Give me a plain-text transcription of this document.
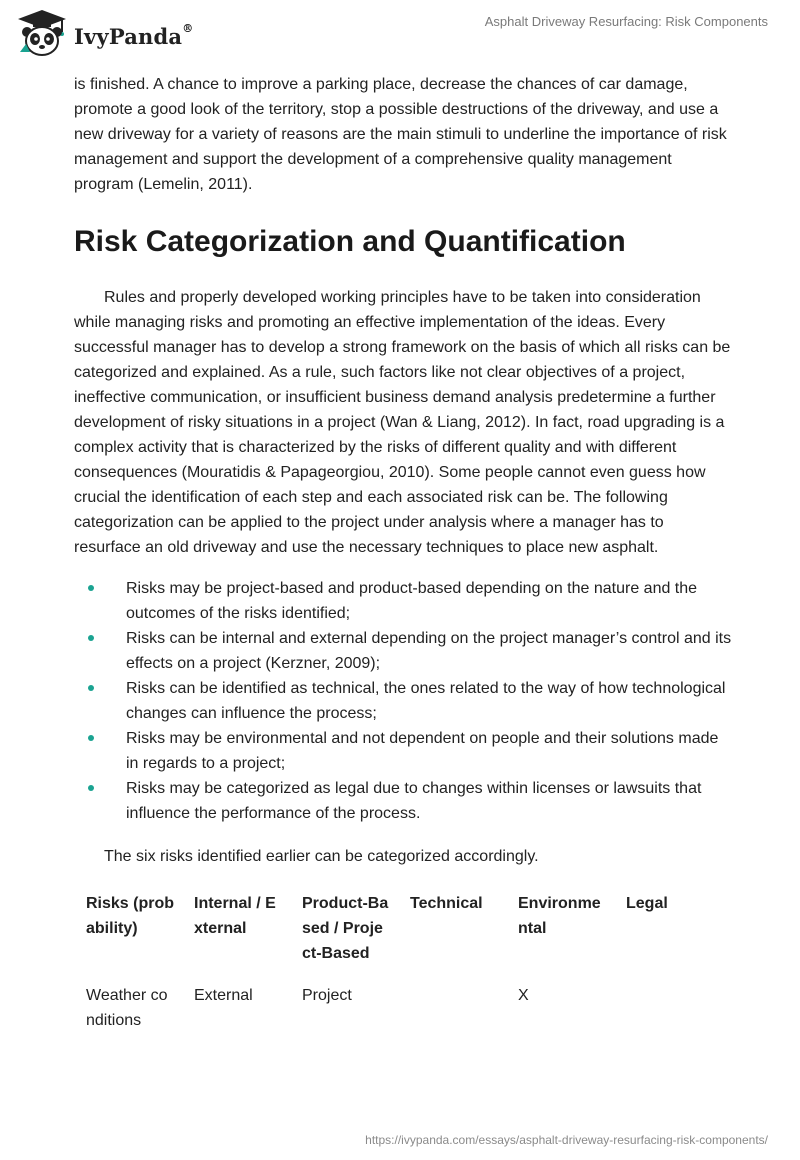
IvyPanda®	Asphalt Driveway Resurfacing: Risk Components

is finished. A chance to improve a parking place, decrease the chances of car damage, promote a good look of the territory, stop a possible destructions of the driveway, and use a new driveway for a variety of reasons are the main stimuli to underline the importance of risk management and support the development of a comprehensive quality management program (Lemelin, 2011).

Risk Categorization and Quantification

Rules and properly developed working principles have to be taken into consideration while managing risks and promoting an effective implementation of the ideas. Every successful manager has to develop a strong framework on the basis of which all risks can be categorized and explained. As a rule, such factors like not clear objectives of a project, ineffective communication, or insufficient business demand analysis predetermine a further development of risky situations in a project (Wan & Liang, 2012). In fact, road upgrading is a complex activity that is characterized by the risks of different quality and with different consequences (Mouratidis & Papageorgiou, 2010). Some people cannot even guess how crucial the identification of each step and each associated risk can be. The following categorization can be applied to the project under analysis where a manager has to resurface an old driveway and use the necessary techniques to place new asphalt.

Risks may be project-based and product-based depending on the nature and the outcomes of the risks identified;
Risks can be internal and external depending on the project manager’s control and its effects on a project (Kerzner, 2009);
Risks can be identified as technical, the ones related to the way of how technological changes can influence the process;
Risks may be environmental and not dependent on people and their solutions made in regards to a project;
Risks may be categorized as legal due to changes within licenses or lawsuits that influence the performance of the process.

The six risks identified earlier can be categorized accordingly.

Risks (probability)	Internal / External	Product-Based / Project-Based	Technical	Environmental	Legal
Weather conditions	External	Project		X	
https://ivypanda.com/essays/asphalt-driveway-resurfacing-risk-components/
